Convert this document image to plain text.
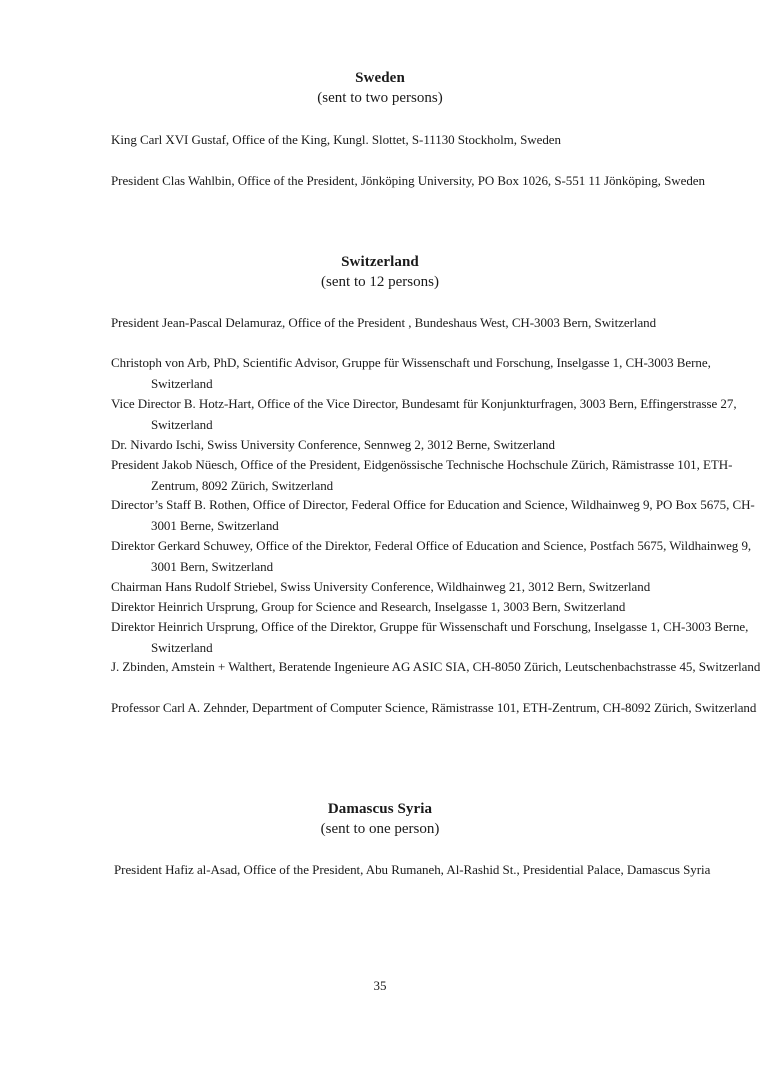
Sweden
(sent to two persons)
King Carl XVI Gustaf, Office of the King, Kungl. Slottet, S-11130 Stockholm, Sweden
President Clas Wahlbin, Office of the President, Jönköping University, PO Box 1026, S-551 11 Jönköping, Sweden
Switzerland
(sent to 12 persons)
President Jean-Pascal Delamuraz, Office of the President , Bundeshaus West, CH-3003 Bern, Switzerland
Christoph von Arb, PhD, Scientific Advisor, Gruppe für Wissenschaft und Forschung, Inselgasse 1, CH-3003 Berne, Switzerland
Vice Director B. Hotz-Hart, Office of the Vice Director, Bundesamt für Konjunkturfragen, 3003 Bern, Effingerstrasse 27, Switzerland
Dr. Nivardo Ischi, Swiss University Conference, Sennweg 2, 3012 Berne, Switzerland
President Jakob Nüesch, Office of the President, Eidgenössische Technische Hochschule Zürich, Rämistrasse 101, ETH-Zentrum, 8092 Zürich, Switzerland
Director’s Staff B. Rothen, Office of Director, Federal Office for Education and Science, Wildhainweg 9, PO Box 5675, CH-3001 Berne, Switzerland
Direktor Gerkard Schuwey, Office of the Direktor, Federal Office of Education and Science, Postfach 5675, Wildhainweg 9, 3001 Bern, Switzerland
Chairman Hans Rudolf Striebel, Swiss University Conference, Wildhainweg 21, 3012 Bern, Switzerland
Direktor Heinrich Ursprung, Group for Science and Research, Inselgasse 1, 3003 Bern, Switzerland
Direktor Heinrich Ursprung, Office of the Direktor, Gruppe für Wissenschaft und Forschung, Inselgasse 1, CH-3003 Berne, Switzerland
J. Zbinden, Amstein + Walthert, Beratende Ingenieure AG ASIC SIA, CH-8050 Zürich, Leutschenbachstrasse 45, Switzerland
Professor Carl A. Zehnder, Department of Computer Science, Rämistrasse 101, ETH-Zentrum, CH-8092 Zürich, Switzerland
Damascus Syria
(sent to one person)
President Hafiz al-Asad, Office of the President, Abu Rumaneh, Al-Rashid St., Presidential Palace, Damascus Syria
35
